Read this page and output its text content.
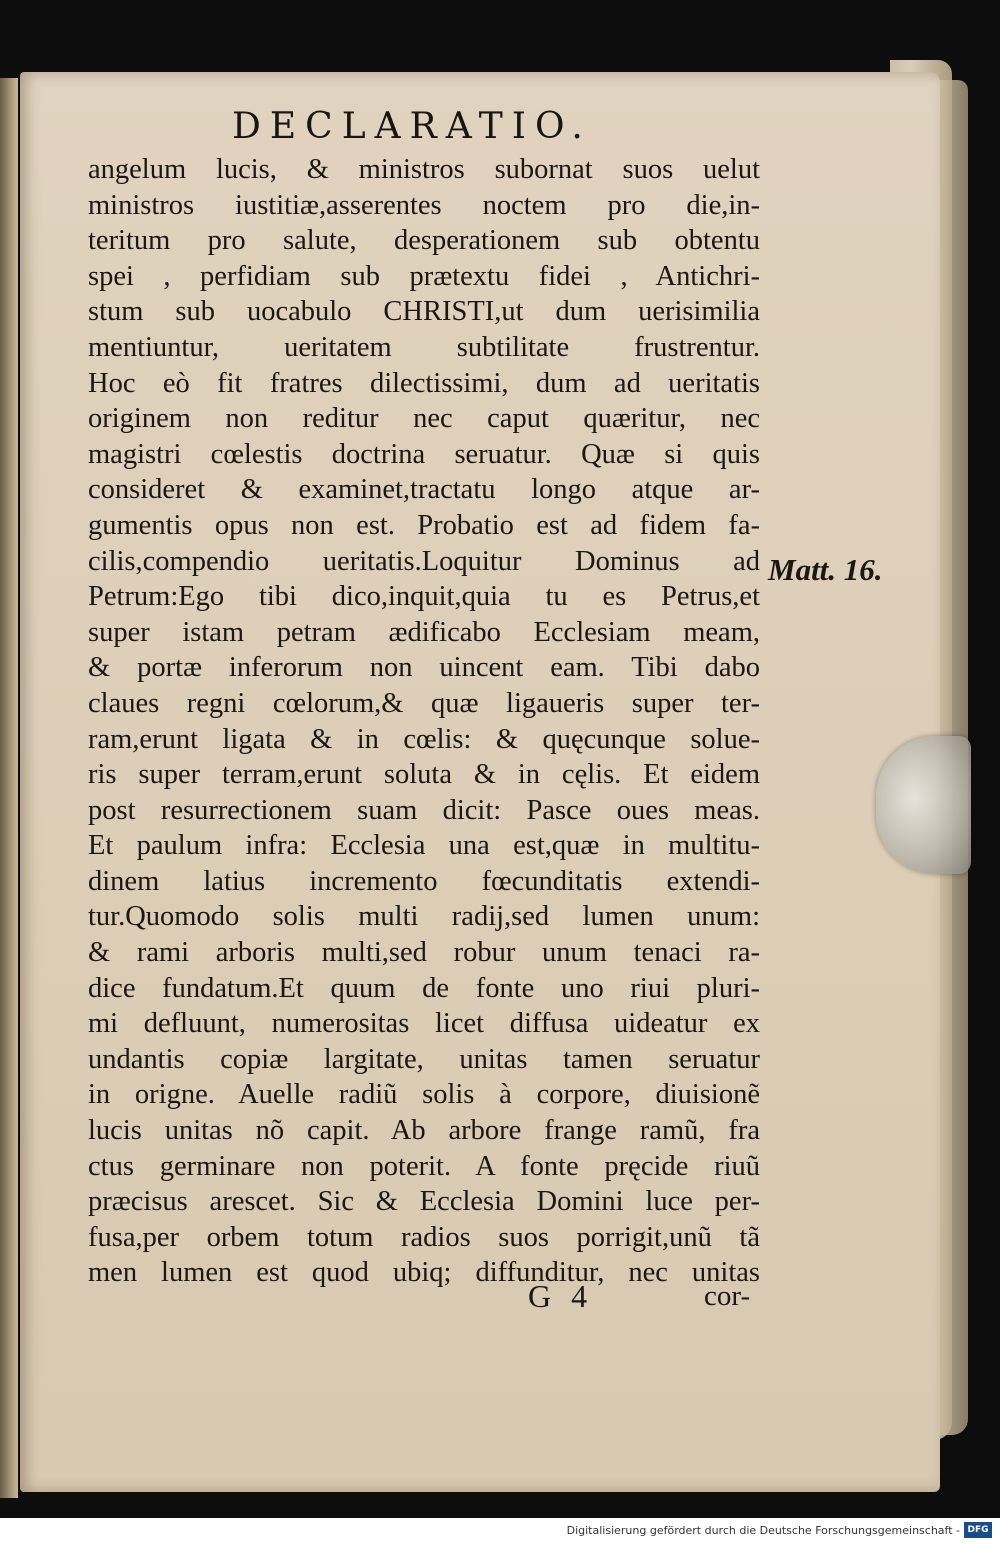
DECLARATIO.
angelum lucis, & ministros subornat suos uelut
ministros iustitiæ,asserentes noctem pro die,in-
teritum pro salute, desperationem sub obtentu
spei , perfidiam sub prætextu fidei , Antichri-
stum sub uocabulo CHRISTI,ut dum uerisimilia
mentiuntur, ueritatem subtilitate frustrentur.
Hoc eò fit fratres dilectissimi, dum ad ueritatis
originem non reditur nec caput quæritur, nec
magistri cœlestis doctrina seruatur. Quæ si quis
consideret & examinet,tractatu longo atque ar-
gumentis opus non est. Probatio est ad fidem fa-
cilis,compendio ueritatis.Loquitur Dominus ad
Petrum:Ego tibi dico,inquit,quia tu es Petrus,et
super istam petram ædificabo Ecclesiam meam,
& portæ inferorum non uincent eam. Tibi dabo
claues regni cœlorum,& quæ ligaueris super ter-
ram,erunt ligata & in cœlis: & quęcunque solue-
ris super terram,erunt soluta & in cęlis. Et eidem
post resurrectionem suam dicit: Pasce oues meas.
Et paulum infra: Ecclesia una est,quæ in multitu-
dinem latius incremento fœcunditatis extendi-
tur.Quomodo solis multi radij,sed lumen unum:
& rami arboris multi,sed robur unum tenaci ra-
dice fundatum.Et quum de fonte uno riui pluri-
mi defluunt, numerositas licet diffusa uideatur ex
undantis copiæ largitate, unitas tamen seruatur
in origne. Auelle radiũ solis à corpore, diuisionẽ
lucis unitas nõ capit. Ab arbore frange ramũ, fra
ctus germinare non poterit. A fonte pręcide riuũ
præcisus arescet. Sic & Ecclesia Domini luce per-
fusa,per orbem totum radios suos porrigit,unũ tã
men lumen est quod ubiq; diffunditur, nec unitas
Matt. 16.
G 4	cor-
Digitalisierung gefördert durch die Deutsche Forschungsgemeinschaft - DFG
